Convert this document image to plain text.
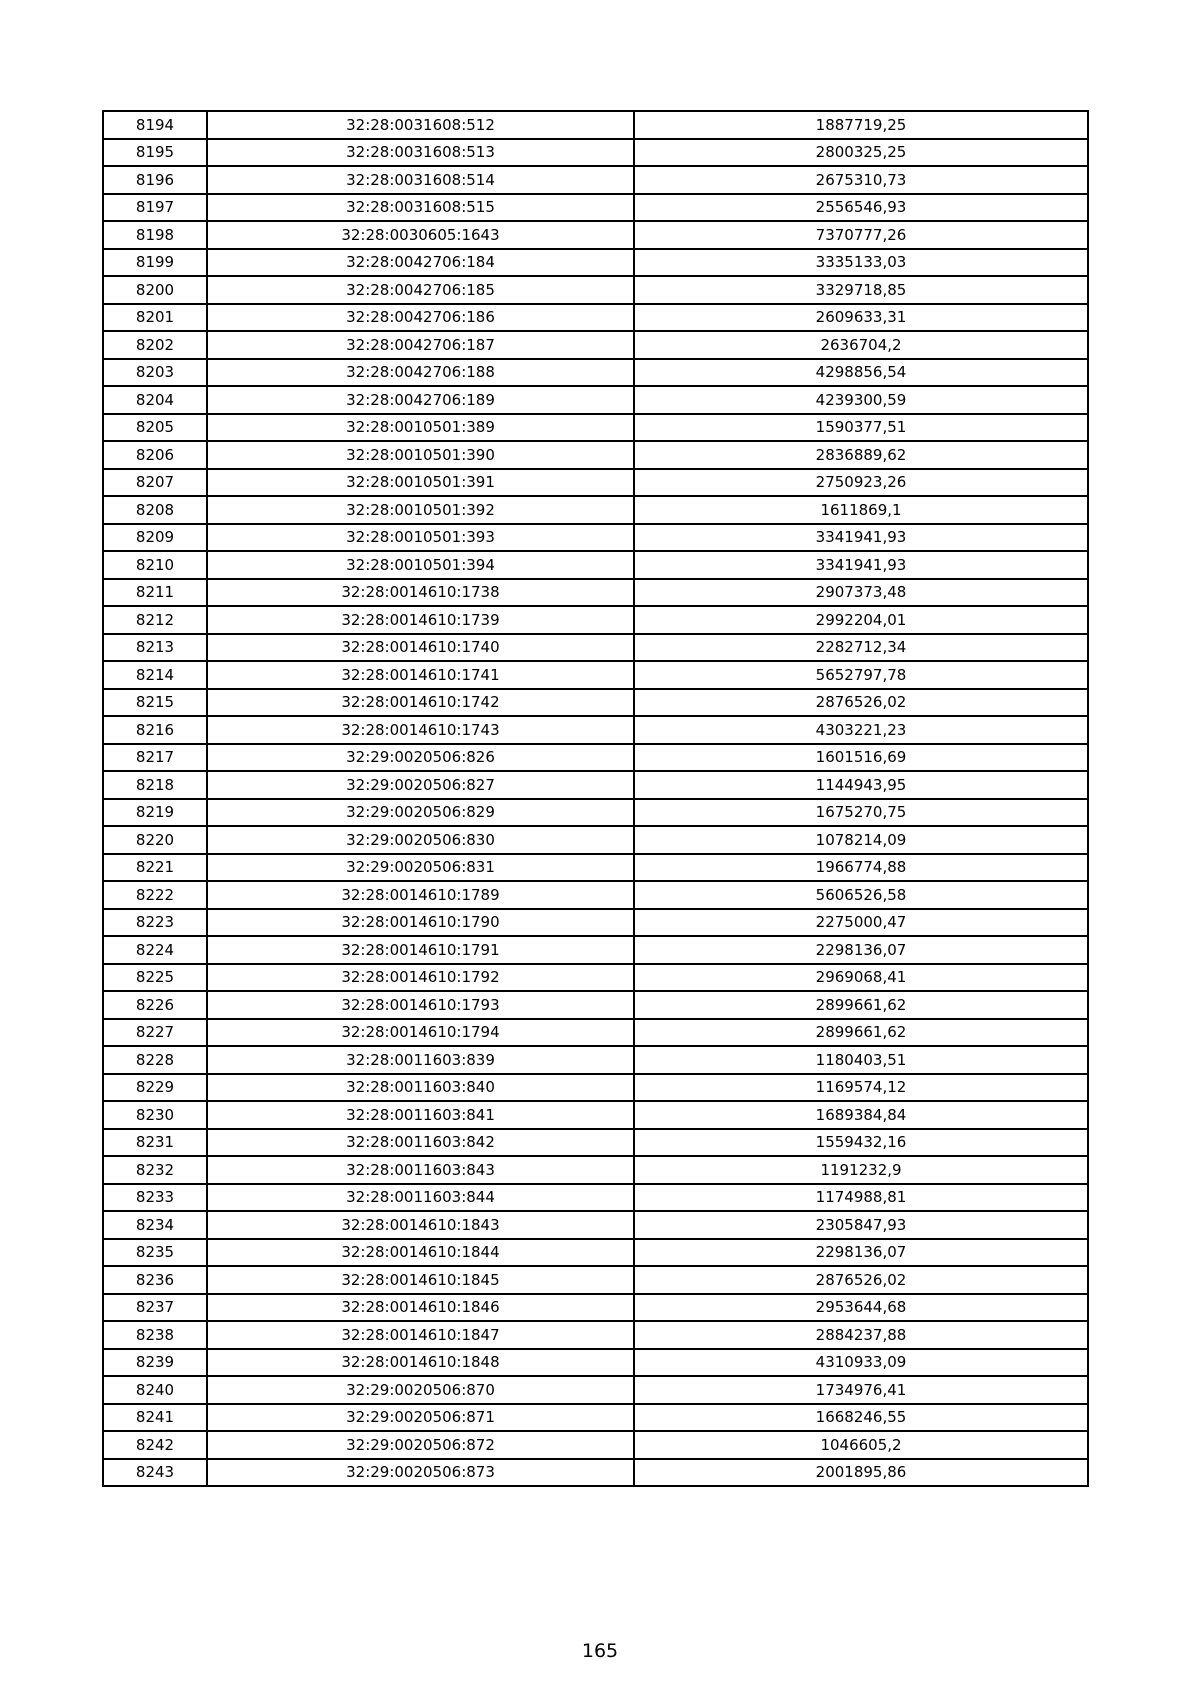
8194	32:28:0031608:512	1887719,25
8195	32:28:0031608:513	2800325,25
8196	32:28:0031608:514	2675310,73
8197	32:28:0031608:515	2556546,93
8198	32:28:0030605:1643	7370777,26
8199	32:28:0042706:184	3335133,03
8200	32:28:0042706:185	3329718,85
8201	32:28:0042706:186	2609633,31
8202	32:28:0042706:187	2636704,2
8203	32:28:0042706:188	4298856,54
8204	32:28:0042706:189	4239300,59
8205	32:28:0010501:389	1590377,51
8206	32:28:0010501:390	2836889,62
8207	32:28:0010501:391	2750923,26
8208	32:28:0010501:392	1611869,1
8209	32:28:0010501:393	3341941,93
8210	32:28:0010501:394	3341941,93
8211	32:28:0014610:1738	2907373,48
8212	32:28:0014610:1739	2992204,01
8213	32:28:0014610:1740	2282712,34
8214	32:28:0014610:1741	5652797,78
8215	32:28:0014610:1742	2876526,02
8216	32:28:0014610:1743	4303221,23
8217	32:29:0020506:826	1601516,69
8218	32:29:0020506:827	1144943,95
8219	32:29:0020506:829	1675270,75
8220	32:29:0020506:830	1078214,09
8221	32:29:0020506:831	1966774,88
8222	32:28:0014610:1789	5606526,58
8223	32:28:0014610:1790	2275000,47
8224	32:28:0014610:1791	2298136,07
8225	32:28:0014610:1792	2969068,41
8226	32:28:0014610:1793	2899661,62
8227	32:28:0014610:1794	2899661,62
8228	32:28:0011603:839	1180403,51
8229	32:28:0011603:840	1169574,12
8230	32:28:0011603:841	1689384,84
8231	32:28:0011603:842	1559432,16
8232	32:28:0011603:843	1191232,9
8233	32:28:0011603:844	1174988,81
8234	32:28:0014610:1843	2305847,93
8235	32:28:0014610:1844	2298136,07
8236	32:28:0014610:1845	2876526,02
8237	32:28:0014610:1846	2953644,68
8238	32:28:0014610:1847	2884237,88
8239	32:28:0014610:1848	4310933,09
8240	32:29:0020506:870	1734976,41
8241	32:29:0020506:871	1668246,55
8242	32:29:0020506:872	1046605,2
8243	32:29:0020506:873	2001895,86
165
